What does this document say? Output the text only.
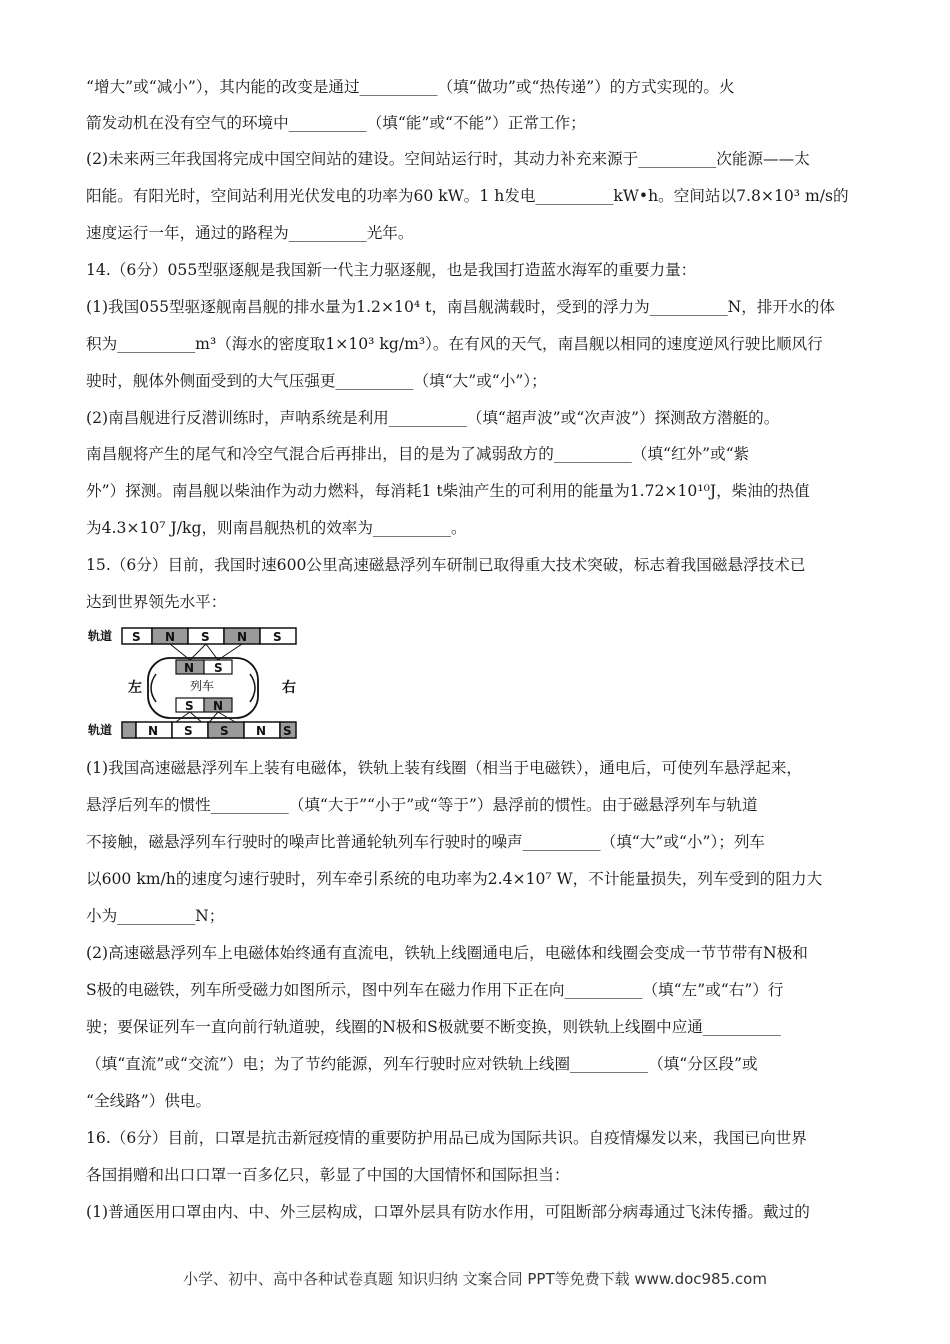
“增大”或“减小”），其内能的改变是通过__________（填“做功”或“热传递”）的方式实现的。火
箭发动机在没有空气的环境中__________（填“能”或“不能”）正常工作；
(2)未来两三年我国将完成中国空间站的建设。空间站运行时，其动力补充来源于__________次能源——太
阳能。有阳光时，空间站利用光伏发电的功率为60 kW。1 h发电__________kW•h。空间站以7.8×10³ m/s的
速度运行一年，通过的路程为__________光年。
14.（6分）055型驱逐舰是我国新一代主力驱逐舰，也是我国打造蓝水海军的重要力量：
(1)我国055型驱逐舰南昌舰的排水量为1.2×10⁴ t，南昌舰满载时，受到的浮力为__________N，排开水的体
积为__________m³（海水的密度取1×10³ kg/m³）。在有风的天气，南昌舰以相同的速度逆风行驶比顺风行
驶时，舰体外侧面受到的大气压强更__________（填“大”或“小”）；
(2)南昌舰进行反潜训练时，声呐系统是利用__________（填“超声波”或“次声波”）探测敌方潜艇的。
南昌舰将产生的尾气和冷空气混合后再排出，目的是为了减弱敌方的__________（填“红外”或“紫
外”）探测。南昌舰以柴油作为动力燃料，每消耗1 t柴油产生的可利用的能量为1.72×10¹⁰J，柴油的热值
为4.3×10⁷ J/kg，则南昌舰热机的效率为__________。
15.（6分）目前，我国时速600公里高速磁悬浮列车研制已取得重大技术突破，标志着我国磁悬浮技术已
达到世界领先水平：
轨道 S N S N S
N S
列车
S N
左	右
轨道	N S S N S
(1)我国高速磁悬浮列车上装有电磁体，铁轨上装有线圈（相当于电磁铁），通电后，可使列车悬浮起来，
悬浮后列车的惯性__________（填“大于”“小于”或“等于”）悬浮前的惯性。由于磁悬浮列车与轨道
不接触，磁悬浮列车行驶时的噪声比普通轮轨列车行驶时的噪声__________（填“大”或“小”）；列车
以600 km/h的速度匀速行驶时，列车牵引系统的电功率为2.4×10⁷ W，不计能量损失，列车受到的阻力大
小为__________N；
(2)高速磁悬浮列车上电磁体始终通有直流电，铁轨上线圈通电后，电磁体和线圈会变成一节节带有N极和
S极的电磁铁，列车所受磁力如图所示，图中列车在磁力作用下正在向__________（填“左”或“右”）行
驶；要保证列车一直向前行轨道驶，线圈的N极和S极就要不断变换，则铁轨上线圈中应通__________
（填“直流”或“交流”）电；为了节约能源，列车行驶时应对铁轨上线圈__________（填“分区段”或
“全线路”）供电。
16.（6分）目前，口罩是抗击新冠疫情的重要防护用品已成为国际共识。自疫情爆发以来，我国已向世界
各国捐赠和出口口罩一百多亿只，彰显了中国的大国情怀和国际担当：
(1)普通医用口罩由内、中、外三层构成，口罩外层具有防水作用，可阻断部分病毒通过飞沫传播。戴过的
小学、初中、高中各种试卷真题 知识归纳 文案合同 PPT等免费下载 www.doc985.com
